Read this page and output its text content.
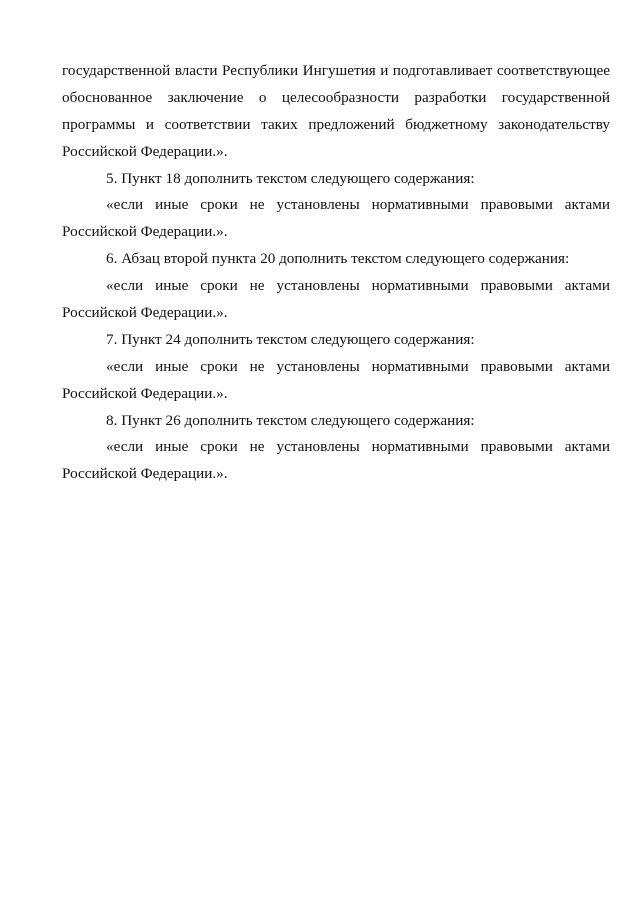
государственной власти Республики Ингушетия и подготавливает соответствующее
обоснованное заключение о целесообразности разработки государственной
программы и соответствии таких предложений бюджетному законодательству
Российской Федерации.».
5. Пункт 18 дополнить текстом следующего содержания:
«если иные сроки не установлены нормативными правовыми актами
Российской Федерации.».
6. Абзац второй пункта 20 дополнить текстом следующего содержания:
«если иные сроки не установлены нормативными правовыми актами
Российской Федерации.».
7. Пункт 24 дополнить текстом следующего содержания:
«если иные сроки не установлены нормативными правовыми актами
Российской Федерации.».
8. Пункт 26 дополнить текстом следующего содержания:
«если иные сроки не установлены нормативными правовыми актами
Российской Федерации.».
